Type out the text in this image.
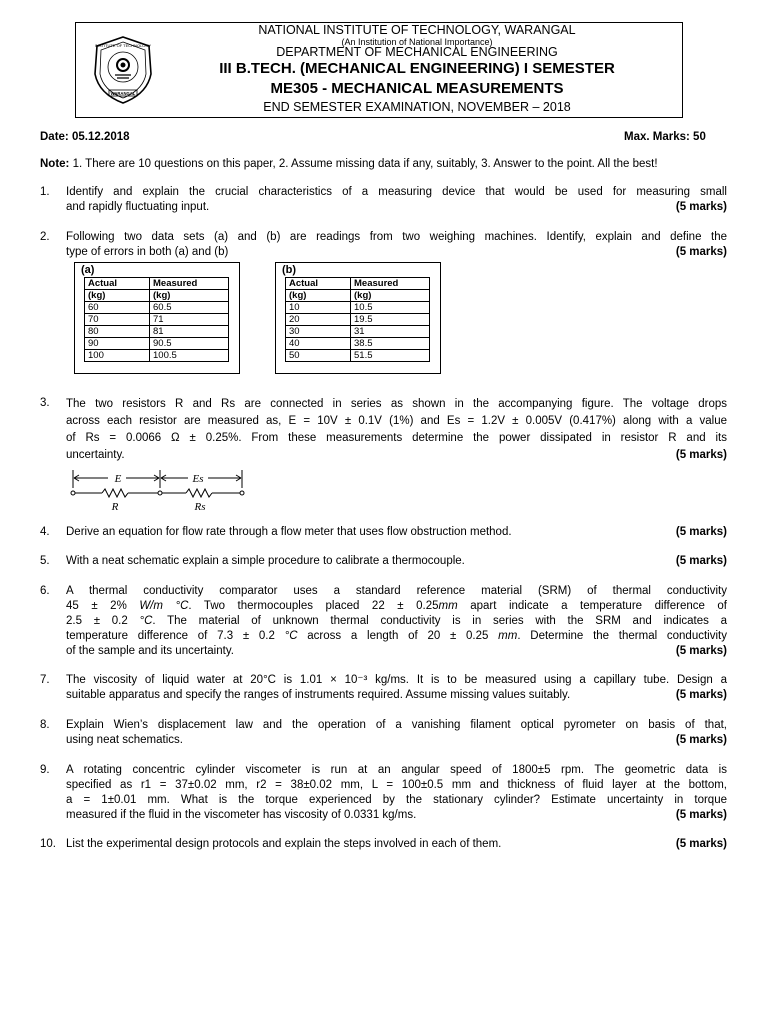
INSTITUTE OF TECHNOLOGY
WARANGAL
NATIONAL INSTITUTE OF TECHNOLOGY, WARANGAL
(An Institution of National Importance)
DEPARTMENT OF MECHANICAL ENGINEERING
III B.TECH. (MECHANICAL ENGINEERING) I SEMESTER
ME305 - MECHANICAL MEASUREMENTS
END SEMESTER EXAMINATION, NOVEMBER – 2018
Date: 05.12.2018	Max. Marks: 50
Note: 1. There are 10 questions on this paper, 2. Assume missing data if any, suitably, 3. Answer to the point. All the best!
1. Identify and explain the crucial characteristics of a measuring device that would be used for measuring small
and rapidly fluctuating input.	(5 marks)
2. Following two data sets (a) and (b) are readings from two weighing machines. Identify, explain and define the
type of errors in both (a) and (b)	(5 marks)
(a)
Actual	Measured
(kg)	(kg)
60	60.5
70	71
80	81
90	90.5
100	100.5
(b)
Actual	Measured
(kg)	(kg)
10	10.5
20	19.5
30	31
40	38.5
50	51.5
3. The two resistors R and Rs are connected in series as shown in the accompanying figure. The voltage drops
across each resistor are measured as, E = 10V ± 0.1V (1%) and Es = 1.2V ± 0.005V (0.417%) along with a value
of Rs = 0.0066 Ω ± 0.25%. From these measurements determine the power dissipated in resistor R and its
uncertainty.	(5 marks)
E	Es
R	Rs
4. Derive an equation for flow rate through a flow meter that uses flow obstruction method.	(5 marks)
5. With a neat schematic explain a simple procedure to calibrate a thermocouple.	(5 marks)
6. A thermal conductivity comparator uses a standard reference material (SRM) of thermal conductivity
45 ± 2% W/m °C. Two thermocouples placed 22 ± 0.25mm apart indicate a temperature difference of
2.5 ± 0.2 °C. The material of unknown thermal conductivity is in series with the SRM and indicates a
temperature difference of 7.3 ± 0.2 °C across a length of 20 ± 0.25 mm. Determine the thermal conductivity
of the sample and its uncertainty.	(5 marks)
7. The viscosity of liquid water at 20°C is 1.01 × 10⁻³ kg/ms. It is to be measured using a capillary tube. Design a
suitable apparatus and specify the ranges of instruments required. Assume missing values suitably.	(5 marks)
8. Explain Wien’s displacement law and the operation of a vanishing filament optical pyrometer on basis of that,
using neat schematics.	(5 marks)
9. A rotating concentric cylinder viscometer is run at an angular speed of 1800±5 rpm. The geometric data is
specified as r1 = 37±0.02 mm, r2 = 38±0.02 mm, L = 100±0.5 mm and thickness of fluid layer at the bottom,
a = 1±0.01 mm. What is the torque experienced by the stationary cylinder? Estimate uncertainty in torque
measured if the fluid in the viscometer has viscosity of 0.0331 kg/ms.	(5 marks)
10. List the experimental design protocols and explain the steps involved in each of them.	(5 marks)
